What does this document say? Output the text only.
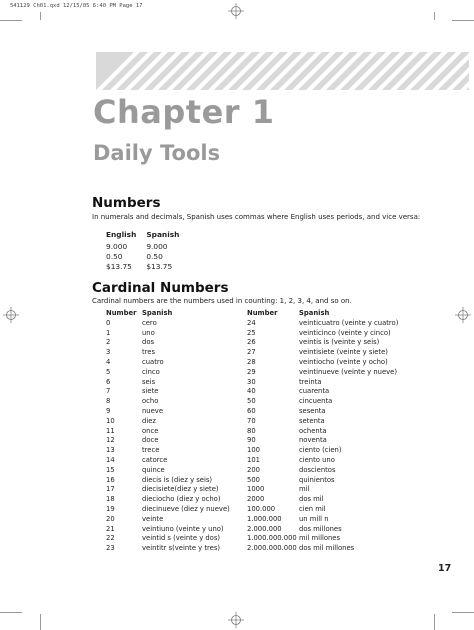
541129 Ch01.qxd 12/15/05 6:40 PM Page 17
Chapter 1
Daily Tools
Numbers

In numerals and decimals, Spanish uses commas where English uses periods, and vice versa:

English	Spanish
9.000	9.000
0.50	0.50
$13.75	$13.75
Cardinal Numbers

Cardinal numbers are the numbers used in counting: 1, 2, 3, 4, and so on.

Number	Spanish	Number	Spanish
0	cero	24	veinticuatro (veinte y cuatro)
1	uno	25	veinticinco (veinte y cinco)
2	dos	26	veintis is (veinte y seis)
3	tres	27	veintisiete (veinte y siete)
4	cuatro	28	veintiocho (veinte y ocho)
5	cinco	29	veintinueve (veinte y nueve)
6	seis	30	treinta
7	siete	40	cuarenta
8	ocho	50	cincuenta
9	nueve	60	sesenta
10	diez	70	setenta
11	once	80	ochenta
12	doce	90	noventa
13	trece	100	ciento (cien)
14	catorce	101	ciento uno
15	quince	200	doscientos
16	diecis is (diez y seis)	500	quinientos
17	diecisiete(diez y siete)	1000	mil
18	dieciocho (diez y ocho)	2000	dos mil
19	diecinueve (diez y nueve)	100.000	cien mil
20	veinte	1.000.000	un mill n
21	veintiuno (veinte y uno)	2.000.000	dos millones
22	veintid s (veinte y dos)	1.000.000.000	mil millones
23	veintitr s(veinte y tres)	2.000.000.000	dos mil millones
17
